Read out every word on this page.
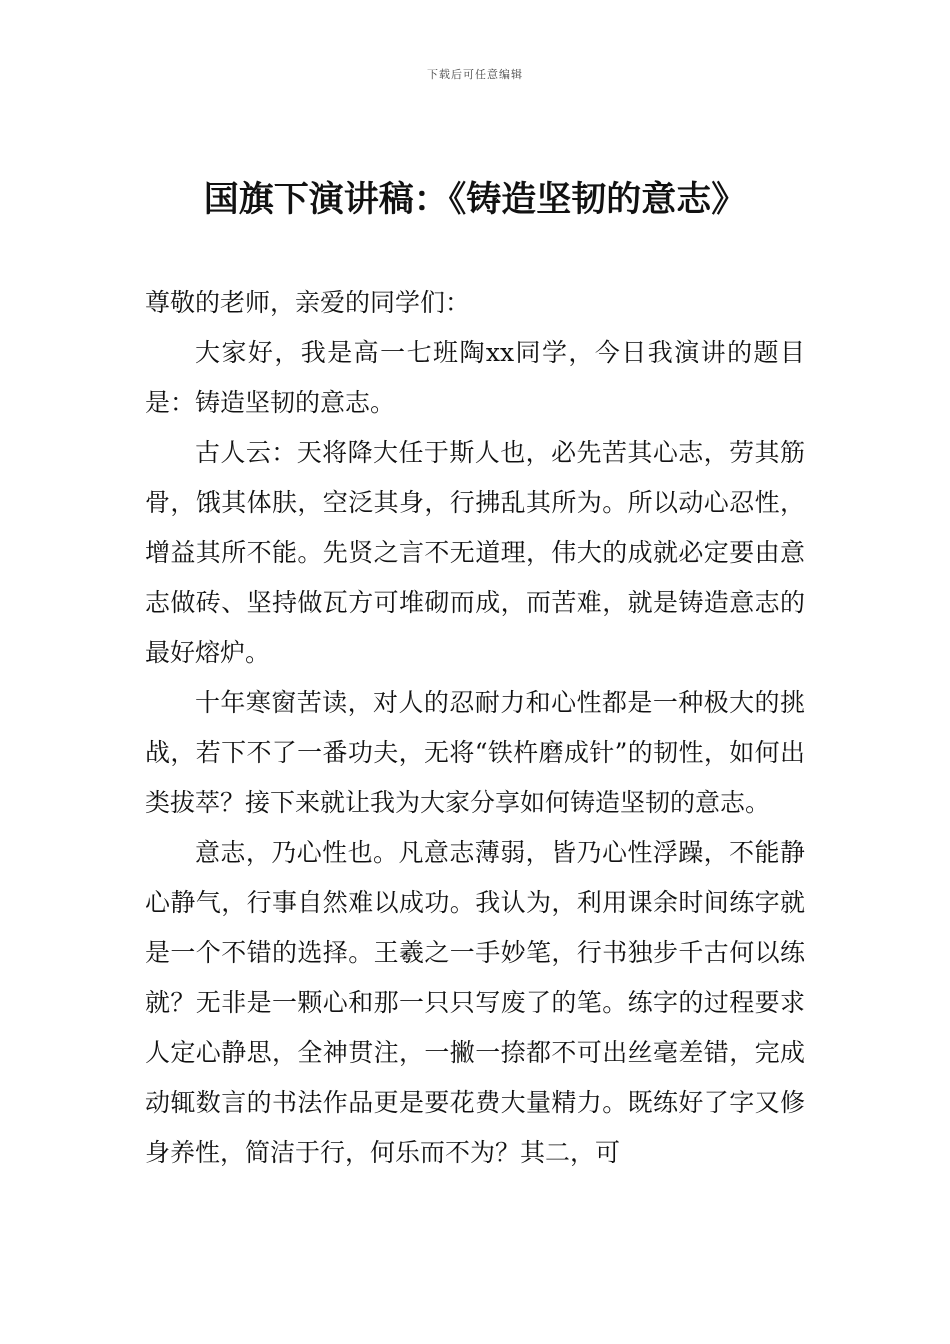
下载后可任意编辑
国旗下演讲稿：《铸造坚韧的意志》

尊敬的老师，亲爱的同学们：

大家好，我是高一七班陶xx同学，今日我演讲的题目是：铸造坚韧的意志。

古人云：天将降大任于斯人也，必先苦其心志，劳其筋骨，饿其体肤，空泛其身，行拂乱其所为。所以动心忍性，增益其所不能。先贤之言不无道理，伟大的成就必定要由意志做砖、坚持做瓦方可堆砌而成，而苦难，就是铸造意志的最好熔炉。

十年寒窗苦读，对人的忍耐力和心性都是一种极大的挑战，若下不了一番功夫，无将“铁杵磨成针”的韧性，如何出类拔萃？接下来就让我为大家分享如何铸造坚韧的意志。

意志，乃心性也。凡意志薄弱，皆乃心性浮躁，不能静心静气，行事自然难以成功。我认为，利用课余时间练字就是一个不错的选择。王羲之一手妙笔，行书独步千古何以练就？无非是一颗心和那一只只写废了的笔。练字的过程要求人定心静思，全神贯注，一撇一捺都不可出丝毫差错，完成动辄数言的书法作品更是要花费大量精力。既练好了字又修身养性，简洁于行，何乐而不为？其二，可
